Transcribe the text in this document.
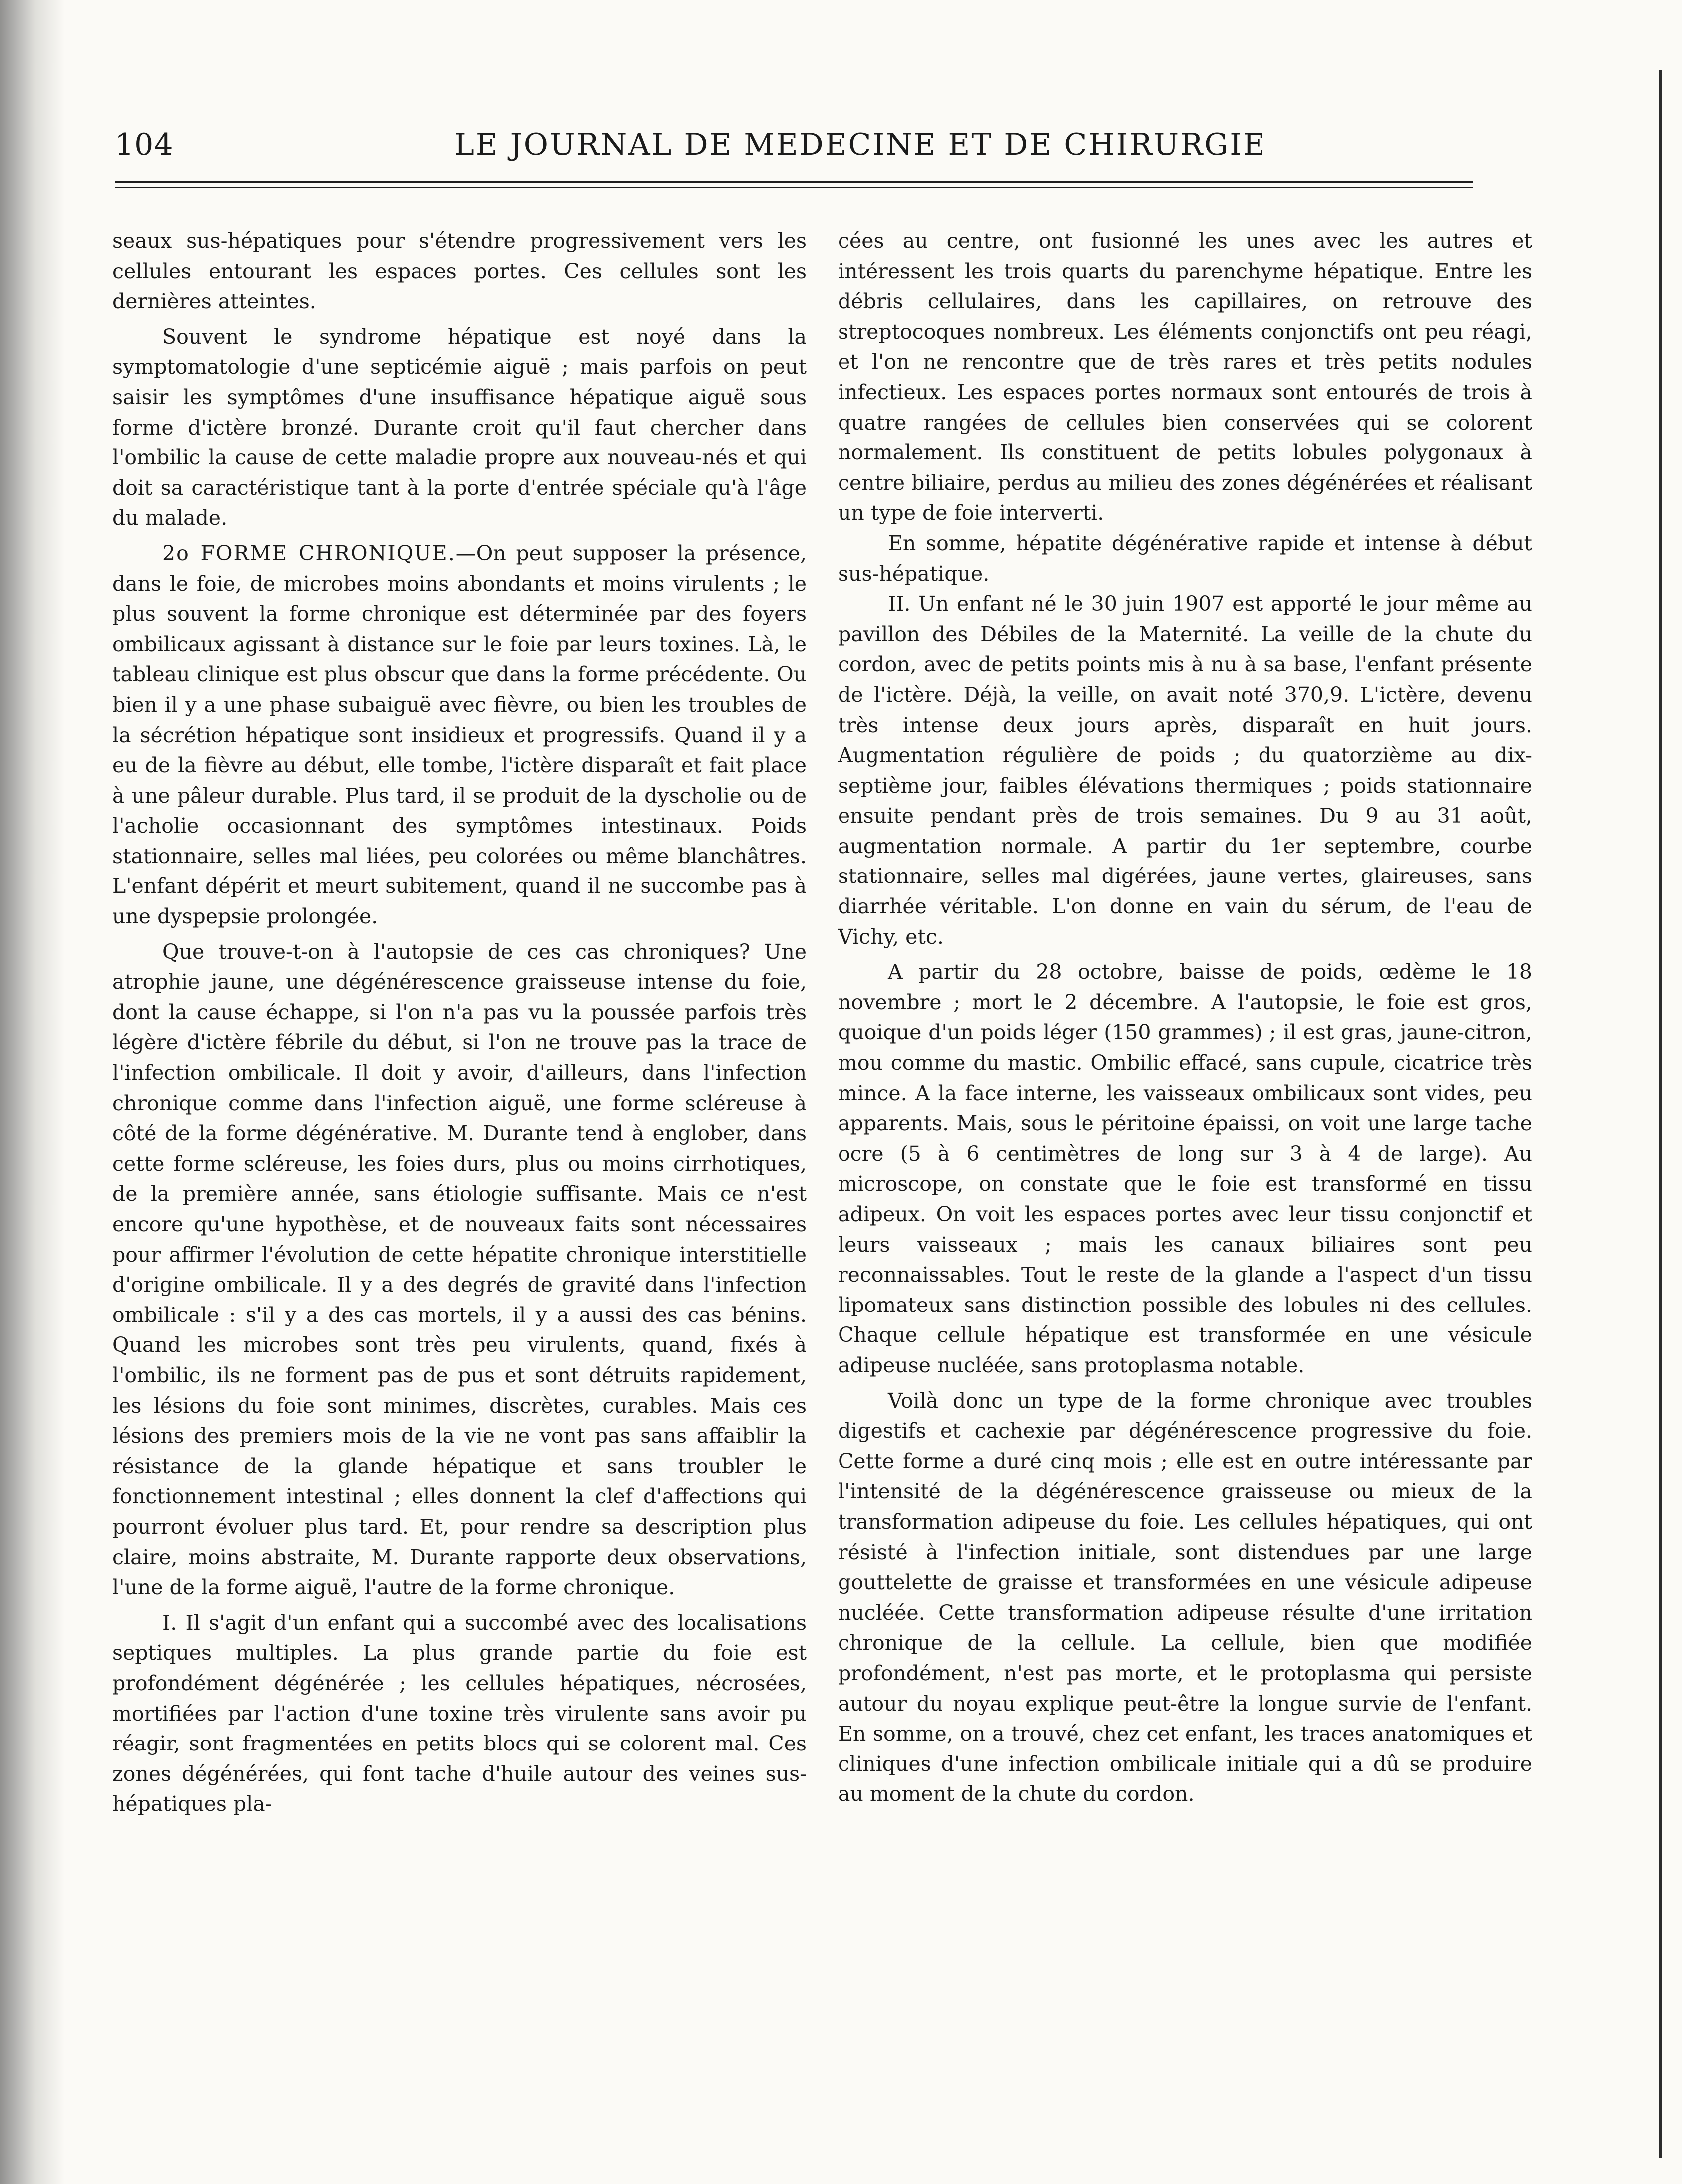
104	LE JOURNAL DE MEDECINE ET DE CHIRURGIE

seaux sus-hépatiques pour s'étendre progressivement vers les cellules entourant les espaces portes. Ces cellules sont les dernières atteintes.

Souvent le syndrome hépatique est noyé dans la symptomatologie d'une septicémie aiguë ; mais parfois on peut saisir les symptômes d'une insuffisance hépatique aiguë sous forme d'ictère bronzé. Durante croit qu'il faut chercher dans l'ombilic la cause de cette maladie propre aux nouveau-nés et qui doit sa caractéristique tant à la porte d'entrée spéciale qu'à l'âge du malade.

2o FORME CHRONIQUE.—On peut supposer la présence, dans le foie, de microbes moins abondants et moins virulents ; le plus souvent la forme chronique est déterminée par des foyers ombilicaux agissant à distance sur le foie par leurs toxines. Là, le tableau clinique est plus obscur que dans la forme précédente. Ou bien il y a une phase subaiguë avec fièvre, ou bien les troubles de la sécrétion hépatique sont insidieux et progressifs. Quand il y a eu de la fièvre au début, elle tombe, l'ictère disparaît et fait place à une pâleur durable. Plus tard, il se produit de la dyscholie ou de l'acholie occasionnant des symptômes intestinaux. Poids stationnaire, selles mal liées, peu colorées ou même blanchâtres. L'enfant dépérit et meurt subitement, quand il ne succombe pas à une dyspepsie prolongée.

Que trouve-t-on à l'autopsie de ces cas chroniques? Une atrophie jaune, une dégénérescence graisseuse intense du foie, dont la cause échappe, si l'on n'a pas vu la poussée parfois très légère d'ictère fébrile du début, si l'on ne trouve pas la trace de l'infection ombilicale. Il doit y avoir, d'ailleurs, dans l'infection chronique comme dans l'infection aiguë, une forme scléreuse à côté de la forme dégénérative. M. Durante tend à englober, dans cette forme scléreuse, les foies durs, plus ou moins cirrhotiques, de la première année, sans étiologie suffisante. Mais ce n'est encore qu'une hypothèse, et de nouveaux faits sont nécessaires pour affirmer l'évolution de cette hépatite chronique interstitielle d'origine ombilicale. Il y a des degrés de gravité dans l'infection ombilicale : s'il y a des cas mortels, il y a aussi des cas bénins. Quand les microbes sont très peu virulents, quand, fixés à l'ombilic, ils ne forment pas de pus et sont détruits rapidement, les lésions du foie sont minimes, discrètes, curables. Mais ces lésions des premiers mois de la vie ne vont pas sans affaiblir la résistance de la glande hépatique et sans troubler le fonctionnement intestinal ; elles donnent la clef d'affections qui pourront évoluer plus tard. Et, pour rendre sa description plus claire, moins abstraite, M. Durante rapporte deux observations, l'une de la forme aiguë, l'autre de la forme chronique.

I. Il s'agit d'un enfant qui a succombé avec des localisations septiques multiples. La plus grande partie du foie est profondément dégénérée ; les cellules hépatiques, nécrosées, mortifiées par l'action d'une toxine très virulente sans avoir pu réagir, sont fragmentées en petits blocs qui se colorent mal. Ces zones dégénérées, qui font tache d'huile autour des veines sus-hépatiques pla-

cées au centre, ont fusionné les unes avec les autres et intéressent les trois quarts du parenchyme hépatique. Entre les débris cellulaires, dans les capillaires, on retrouve des streptocoques nombreux. Les éléments conjonctifs ont peu réagi, et l'on ne rencontre que de très rares et très petits nodules infectieux. Les espaces portes normaux sont entourés de trois à quatre rangées de cellules bien conservées qui se colorent normalement. Ils constituent de petits lobules polygonaux à centre biliaire, perdus au milieu des zones dégénérées et réalisant un type de foie interverti.

En somme, hépatite dégénérative rapide et intense à début sus-hépatique.

II. Un enfant né le 30 juin 1907 est apporté le jour même au pavillon des Débiles de la Maternité. La veille de la chute du cordon, avec de petits points mis à nu à sa base, l'enfant présente de l'ictère. Déjà, la veille, on avait noté 370,9. L'ictère, devenu très intense deux jours après, disparaît en huit jours. Augmentation régulière de poids ; du quatorzième au dix-septième jour, faibles élévations thermiques ; poids stationnaire ensuite pendant près de trois semaines. Du 9 au 31 août, augmentation normale. A partir du 1er septembre, courbe stationnaire, selles mal digérées, jaune vertes, glaireuses, sans diarrhée véritable. L'on donne en vain du sérum, de l'eau de Vichy, etc.

A partir du 28 octobre, baisse de poids, œdème le 18 novembre ; mort le 2 décembre. A l'autopsie, le foie est gros, quoique d'un poids léger (150 grammes) ; il est gras, jaune-citron, mou comme du mastic. Ombilic effacé, sans cupule, cicatrice très mince. A la face interne, les vaisseaux ombilicaux sont vides, peu apparents. Mais, sous le péritoine épaissi, on voit une large tache ocre (5 à 6 centimètres de long sur 3 à 4 de large). Au microscope, on constate que le foie est transformé en tissu adipeux. On voit les espaces portes avec leur tissu conjonctif et leurs vaisseaux ; mais les canaux biliaires sont peu reconnaissables. Tout le reste de la glande a l'aspect d'un tissu lipomateux sans distinction possible des lobules ni des cellules. Chaque cellule hépatique est transformée en une vésicule adipeuse nucléée, sans protoplasma notable.

Voilà donc un type de la forme chronique avec troubles digestifs et cachexie par dégénérescence progressive du foie. Cette forme a duré cinq mois ; elle est en outre intéressante par l'intensité de la dégénérescence graisseuse ou mieux de la transformation adipeuse du foie. Les cellules hépatiques, qui ont résisté à l'infection initiale, sont distendues par une large gouttelette de graisse et transformées en une vésicule adipeuse nucléée. Cette transformation adipeuse résulte d'une irritation chronique de la cellule. La cellule, bien que modifiée profondément, n'est pas morte, et le protoplasma qui persiste autour du noyau explique peut-être la longue survie de l'enfant. En somme, on a trouvé, chez cet enfant, les traces anatomiques et cliniques d'une infection ombilicale initiale qui a dû se produire au moment de la chute du cordon.
